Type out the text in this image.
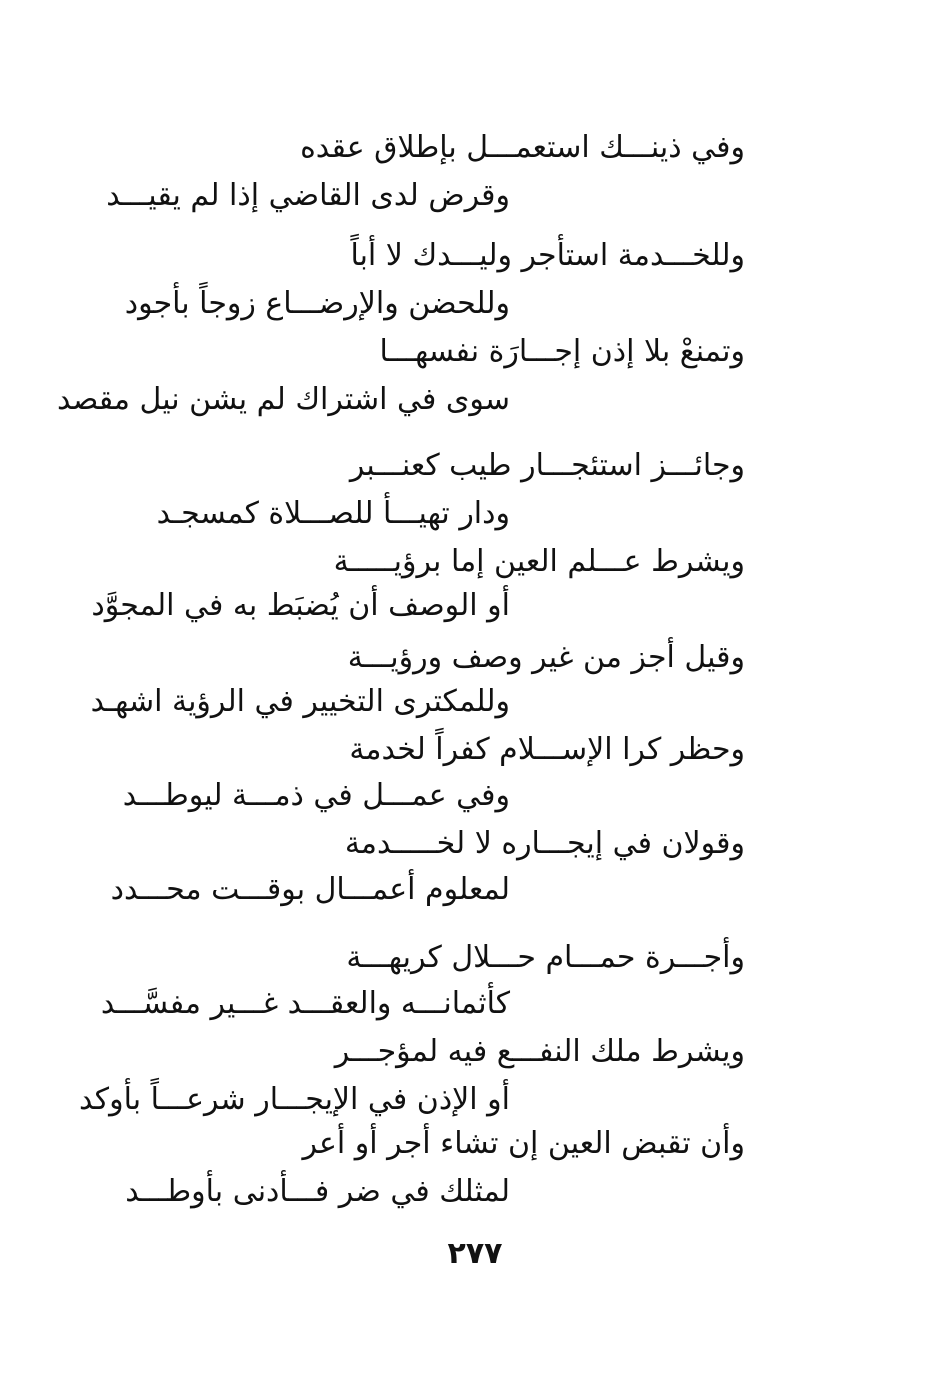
وفي ذينـــك استعمـــل بإطلاق عقده
وقرض لدى القاضي إذا لم يقيـــد
وللخـــدمة استأجر وليـــدك لا أباً
وللحضن والإرضـــاع زوجاً بأجود
وتمنعْ بلا إذن إجـــارَة نفسهـــا
سوى في اشتراك لم يشن نيل مقصد
وجائـــز استئجـــار طيب كعنـــبر
ودار تهيـــأ للصـــلاة كمسجـد
ويشرط عـــلم العين إما برؤيـــــة
أو الوصف أن يُضبَط به في المجوَّد
وقيل أجز من غير وصف ورؤيـــة
وللمكترى التخيير في الرؤية اشهـد
وحظر كرا الإســـلام كفراً لخدمة
وفي عمـــل في ذمـــة ليوطـــد
وقولان في إيجـــاره لا لخـــــدمة
لمعلوم أعمـــال بوقـــت محـــدد
وأجـــرة حمـــام حـــلال كريهـــة
كأثمانـــه والعقـــد غـــير مفسَّـــد
ويشرط ملك النفـــع فيه لمؤجـــر
أو الإذن في الإيجـــار شرعـــاً بأوكد
وأن تقبض العين إن تشاء أجر أو أعر
لمثلك في ضر فـــأدنى بأوطـــد
٢٧٧
